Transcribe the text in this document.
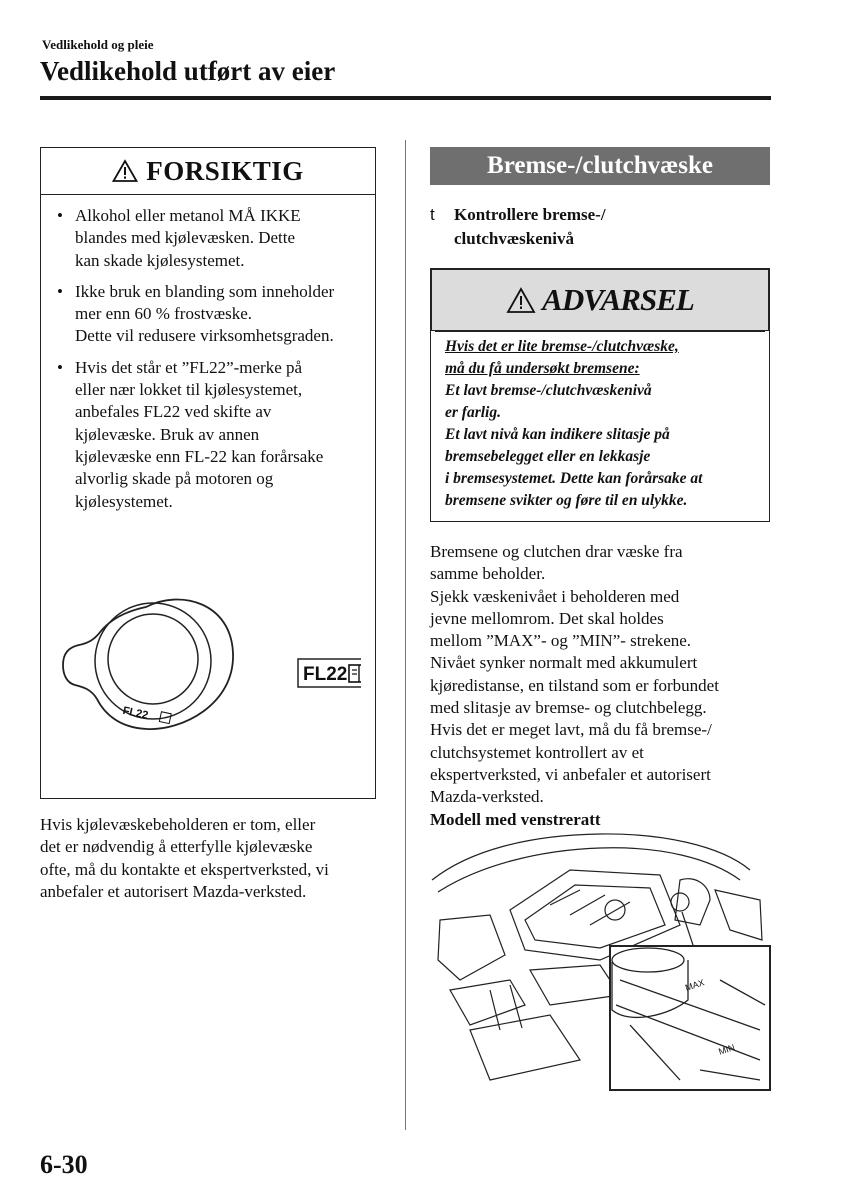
Vedlikehold og pleie
Vedlikehold utført av eier
FORSIKTIG
• Alkohol eller metanol MÅ IKKE
blandes med kjølevæsken. Dette
kan skade kjølesystemet.
• Ikke bruk en blanding som inneholder
mer enn 60 % frostvæske.
Dette vil redusere virksomhetsgraden.
• Hvis det står et ”FL22”-merke på
eller nær lokket til kjølesystemet,
anbefales FL22 ved skifte av
kjølevæske. Bruk av annen
kjølevæske enn FL-22 kan forårsake
alvorlig skade på motoren og
kjølesystemet.
FL22
FL22
Hvis kjølevæskebeholderen er tom, eller
det er nødvendig å etterfylle kjølevæske
ofte, må du kontakte et ekspertverksted, vi
anbefaler et autorisert Mazda-verksted.
Bremse-/clutchvæske
t Kontrollere bremse-/
clutchvæskenivå
ADVARSEL
Hvis det er lite bremse-/clutchvæske,
må du få undersøkt bremsene:
Et lavt bremse-/clutchvæskenivå
er farlig.
Et lavt nivå kan indikere slitasje på
bremsebelegget eller en lekkasje
i bremsesystemet. Dette kan forårsake at
bremsene svikter og føre til en ulykke.
Bremsene og clutchen drar væske fra
samme beholder.
Sjekk væskenivået i beholderen med
jevne mellomrom. Det skal holdes
mellom ”MAX”- og ”MIN”- strekene.
Nivået synker normalt med akkumulert
kjøredistanse, en tilstand som er forbundet
med slitasje av bremse- og clutchbelegg.
Hvis det er meget lavt, må du få bremse-/
clutchsystemet kontrollert av et
ekspertverksted, vi anbefaler et autorisert
Mazda-verksted.
Modell med venstreratt
MAX
MIN
6-30
